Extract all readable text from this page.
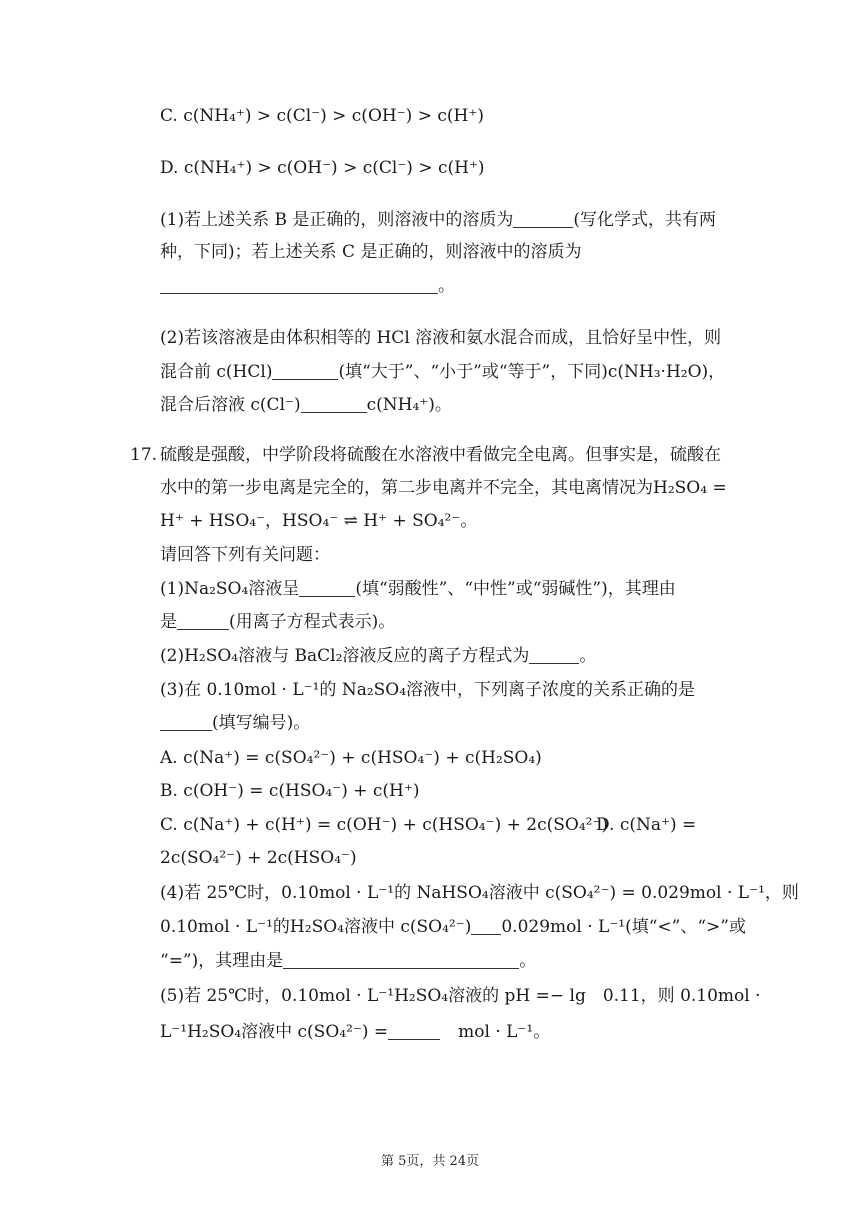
C. c(NH₄⁺) > c(Cl⁻) > c(OH⁻) > c(H⁺)
D. c(NH₄⁺) > c(OH⁻) > c(Cl⁻) > c(H⁺)
(1)若上述关系 B 是正确的，则溶液中的溶质为	(写化学式，共有两
种，下同)；若上述关系 C 是正确的，则溶液中的溶质为
。
(2)若该溶液是由体积相等的 HCl 溶液和氨水混合而成，且恰好呈中性，则
混合前 c(HCl)	(填“大于”、“小于”或“等于”，下同)c(NH₃·H₂O)，
混合后溶液 c(Cl⁻)	c(NH₄⁺)。
17. 硫酸是强酸，中学阶段将硫酸在水溶液中看做完全电离。但事实是，硫酸在
水中的第一步电离是完全的，第二步电离并不完全，其电离情况为H₂SO₄ =
H⁺ + HSO₄⁻，HSO₄⁻ ⇌ H⁺ + SO₄²⁻。
请回答下列有关问题：
(1)Na₂SO₄溶液呈	(填“弱酸性”、“中性”或“弱碱性”)，其理由
是	(用离子方程式表示)。
(2)H₂SO₄溶液与 BaCl₂溶液反应的离子方程式为	。
(3)在 0.10mol · L⁻¹的 Na₂SO₄溶液中，下列离子浓度的关系正确的是
(填写编号)。
A. c(Na⁺) = c(SO₄²⁻) + c(HSO₄⁻) + c(H₂SO₄)
B. c(OH⁻) = c(HSO₄⁻) + c(H⁺)
C. c(Na⁺) + c(H⁺) = c(OH⁻) + c(HSO₄⁻) + 2c(SO₄²⁻)
D. c(Na⁺) =
2c(SO₄²⁻) + 2c(HSO₄⁻)
(4)若 25℃时，0.10mol · L⁻¹的 NaHSO₄溶液中 c(SO₄²⁻) = 0.029mol · L⁻¹，则
0.10mol · L⁻¹的H₂SO₄溶液中 c(SO₄²⁻) 0.029mol · L⁻¹(填“<”、“>”或
“=”)，其理由是	。
(5)若 25℃时，0.10mol · L⁻¹H₂SO₄溶液的 pH =− lg　0.11，则 0.10mol ·
L⁻¹H₂SO₄溶液中 c(SO₄²⁻) =	mol · L⁻¹。
第 5页，共 24页
